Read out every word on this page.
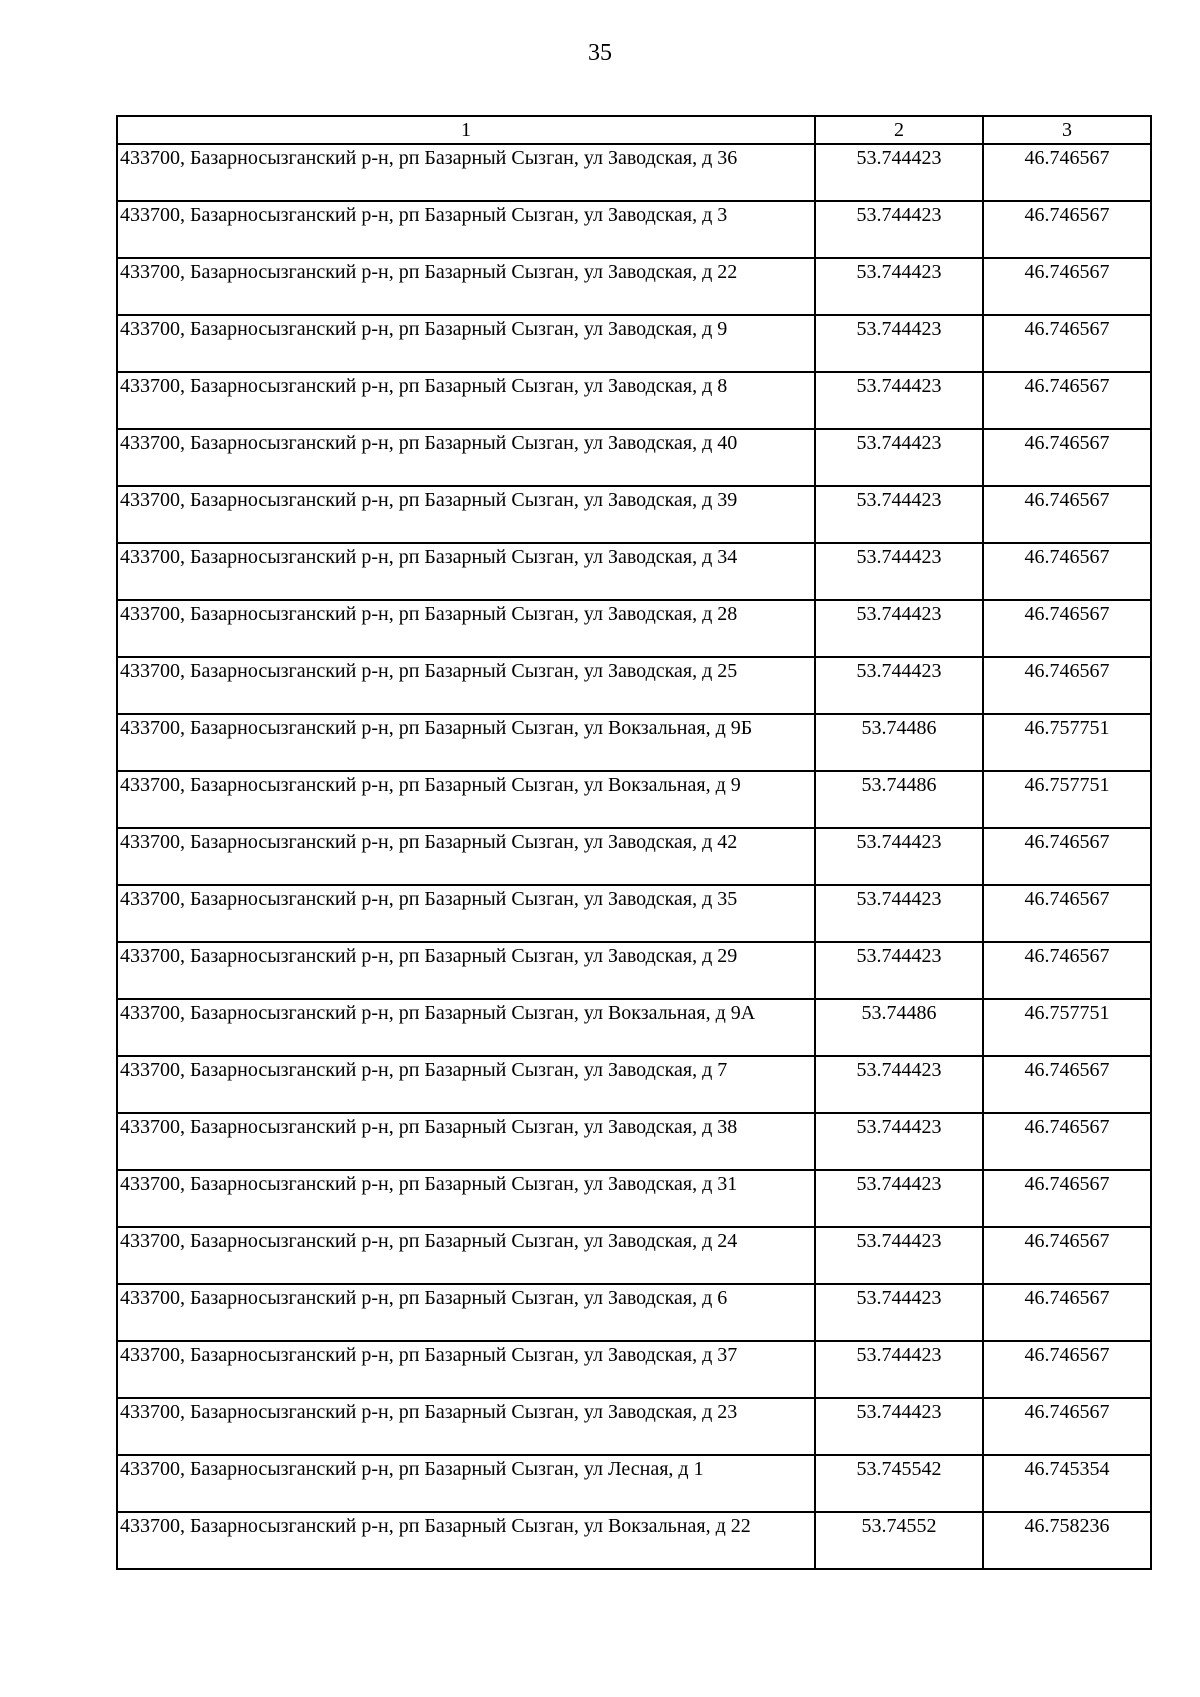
35
1	2	3
433700, Базарносызганский р-н, рп Базарный Сызган, ул Заводская, д 36	53.744423	46.746567
433700, Базарносызганский р-н, рп Базарный Сызган, ул Заводская, д 3	53.744423	46.746567
433700, Базарносызганский р-н, рп Базарный Сызган, ул Заводская, д 22	53.744423	46.746567
433700, Базарносызганский р-н, рп Базарный Сызган, ул Заводская, д 9	53.744423	46.746567
433700, Базарносызганский р-н, рп Базарный Сызган, ул Заводская, д 8	53.744423	46.746567
433700, Базарносызганский р-н, рп Базарный Сызган, ул Заводская, д 40	53.744423	46.746567
433700, Базарносызганский р-н, рп Базарный Сызган, ул Заводская, д 39	53.744423	46.746567
433700, Базарносызганский р-н, рп Базарный Сызган, ул Заводская, д 34	53.744423	46.746567
433700, Базарносызганский р-н, рп Базарный Сызган, ул Заводская, д 28	53.744423	46.746567
433700, Базарносызганский р-н, рп Базарный Сызган, ул Заводская, д 25	53.744423	46.746567
433700, Базарносызганский р-н, рп Базарный Сызган, ул Вокзальная, д 9Б	53.74486	46.757751
433700, Базарносызганский р-н, рп Базарный Сызган, ул Вокзальная, д 9	53.74486	46.757751
433700, Базарносызганский р-н, рп Базарный Сызган, ул Заводская, д 42	53.744423	46.746567
433700, Базарносызганский р-н, рп Базарный Сызган, ул Заводская, д 35	53.744423	46.746567
433700, Базарносызганский р-н, рп Базарный Сызган, ул Заводская, д 29	53.744423	46.746567
433700, Базарносызганский р-н, рп Базарный Сызган, ул Вокзальная, д 9А	53.74486	46.757751
433700, Базарносызганский р-н, рп Базарный Сызган, ул Заводская, д 7	53.744423	46.746567
433700, Базарносызганский р-н, рп Базарный Сызган, ул Заводская, д 38	53.744423	46.746567
433700, Базарносызганский р-н, рп Базарный Сызган, ул Заводская, д 31	53.744423	46.746567
433700, Базарносызганский р-н, рп Базарный Сызган, ул Заводская, д 24	53.744423	46.746567
433700, Базарносызганский р-н, рп Базарный Сызган, ул Заводская, д 6	53.744423	46.746567
433700, Базарносызганский р-н, рп Базарный Сызган, ул Заводская, д 37	53.744423	46.746567
433700, Базарносызганский р-н, рп Базарный Сызган, ул Заводская, д 23	53.744423	46.746567
433700, Базарносызганский р-н, рп Базарный Сызган, ул Лесная, д 1	53.745542	46.745354
433700, Базарносызганский р-н, рп Базарный Сызган, ул Вокзальная, д 22	53.74552	46.758236
